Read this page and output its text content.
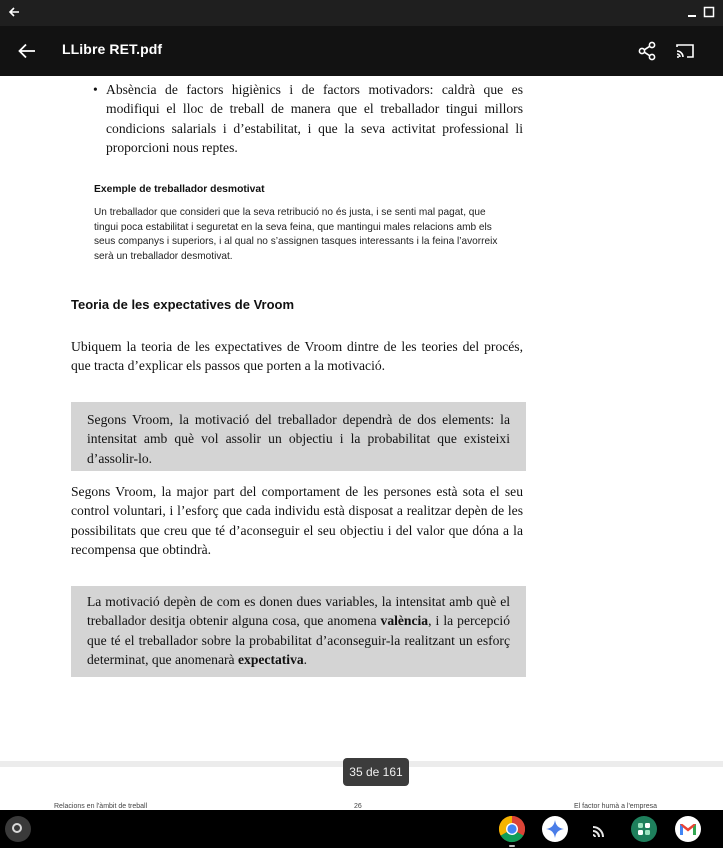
LLibre RET.pdf
• Absència de factors higiènics i de factors motivadors: caldrà que es modifiqui el lloc de treball de manera que el treballador tingui millors condicions salarials i d’estabilitat, i que la seva activitat professional li proporcioni nous reptes.
Exemple de treballador desmotivat
Un treballador que consideri que la seva retribució no és justa, i se senti mal pagat, que tingui poca estabilitat i seguretat en la seva feina, que mantingui males relacions amb els seus companys i superiors, i al qual no s’assignen tasques interessants i la feina l’avorreix serà un treballador desmotivat.
Teoria de les expectatives de Vroom
Ubiquem la teoria de les expectatives de Vroom dintre de les teories del procés, que tracta d’explicar els passos que porten a la motivació.
Segons Vroom, la motivació del treballador dependrà de dos elements: la intensitat amb què vol assolir un objectiu i la probabilitat que existeixi d’assolir-lo.
Segons Vroom, la major part del comportament de les persones està sota el seu control voluntari, i l’esforç que cada individu està disposat a realitzar depèn de les possibilitats que creu que té d’aconseguir el seu objectiu i del valor que dóna a la recompensa que obtindrà.
La motivació depèn de com es donen dues variables, la intensitat amb què el treballador desitja obtenir alguna cosa, que anomena valència, i la percepció que té el treballador sobre la probabilitat d’aconseguir-la realitzant un esforç determinat, que anomenarà expectativa.
Relacions en l'àmbit de treball	26	El factor humà a l'empresa
35 de 161
